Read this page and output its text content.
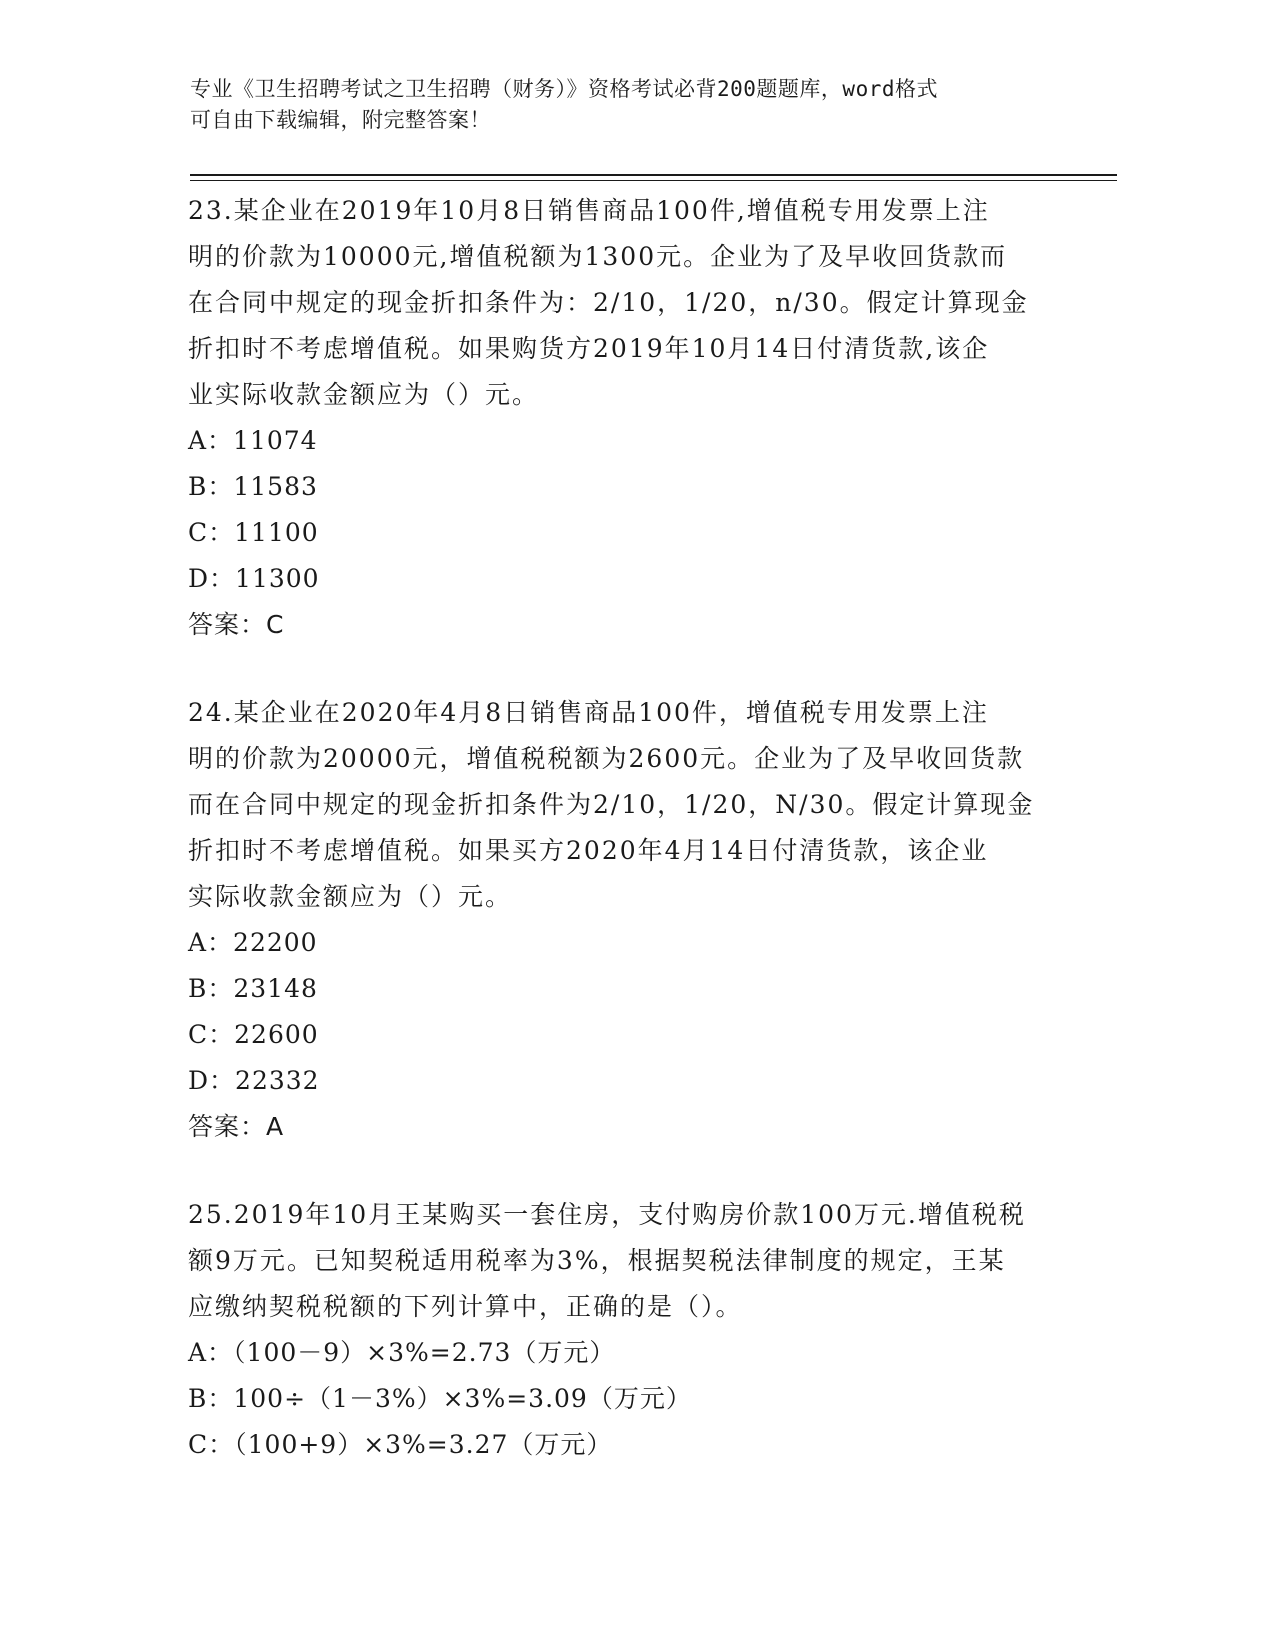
专业《卫生招聘考试之卫生招聘（财务）》资格考试必背200题题库，word格式
可自由下载编辑，附完整答案！
23.某企业在2019年10月8日销售商品100件,增值税专用发票上注
明的价款为10000元,增值税额为1300元。企业为了及早收回货款而
在合同中规定的现金折扣条件为：2/10，1/20，n/30。假定计算现金
折扣时不考虑增值税。如果购货方2019年10月14日付清货款,该企
业实际收款金额应为（）元。
A：11074
B：11583
C：11100
D：11300
答案：C
24.某企业在2020年4月8日销售商品100件，增值税专用发票上注
明的价款为20000元，增值税税额为2600元。企业为了及早收回货款
而在合同中规定的现金折扣条件为2/10，1/20，N/30。假定计算现金
折扣时不考虑增值税。如果买方2020年4月14日付清货款，该企业
实际收款金额应为（）元。
A：22200
B：23148
C：22600
D：22332
答案：A
25.2019年10月王某购买一套住房，支付购房价款100万元.增值税税
额9万元。已知契税适用税率为3%，根据契税法律制度的规定，王某
应缴纳契税税额的下列计算中，正确的是（）。
A：（100－9）×3%=2.73（万元）
B：100÷（1－3%）×3%=3.09（万元）
C：（100+9）×3%=3.27（万元）
